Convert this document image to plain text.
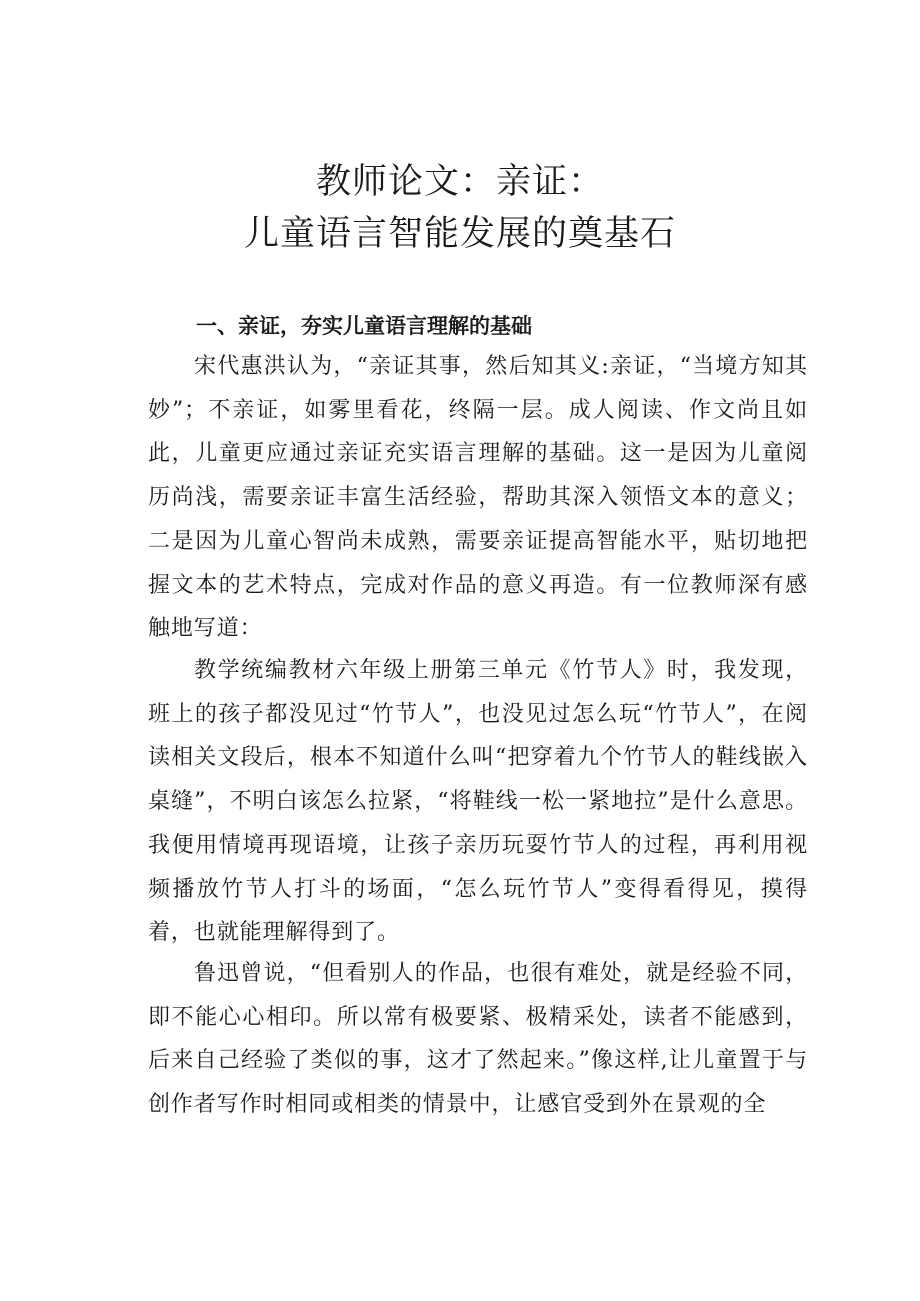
教师论文：亲证：
儿童语言智能发展的奠基石
一、亲证，夯实儿童语言理解的基础

宋代惠洪认为，“亲证其事，然后知其义:亲证，“当境方知其妙”；不亲证，如雾里看花，终隔一层。成人阅读、作文尚且如此，儿童更应通过亲证充实语言理解的基础。这一是因为儿童阅历尚浅，需要亲证丰富生活经验，帮助其深入领悟文本的意义；二是因为儿童心智尚未成熟，需要亲证提高智能水平，贴切地把握文本的艺术特点，完成对作品的意义再造。有一位教师深有感触地写道：

教学统编教材六年级上册第三单元《竹节人》时，我发现，班上的孩子都没见过“竹节人”，也没见过怎么玩“竹节人”，在阅读相关文段后，根本不知道什么叫“把穿着九个竹节人的鞋线嵌入桌缝”，不明白该怎么拉紧，“将鞋线一松一紧地拉”是什么意思。我便用情境再现语境，让孩子亲历玩耍竹节人的过程，再利用视频播放竹节人打斗的场面，“怎么玩竹节人”变得看得见，摸得着，也就能理解得到了。

鲁迅曾说，“但看别人的作品，也很有难处，就是经验不同，即不能心心相印。所以常有极要紧、极精采处，读者不能感到，后来自己经验了类似的事，这才了然起来。”像这样,让儿童置于与创作者写作时相同或相类的情景中，让感官受到外在景观的全
